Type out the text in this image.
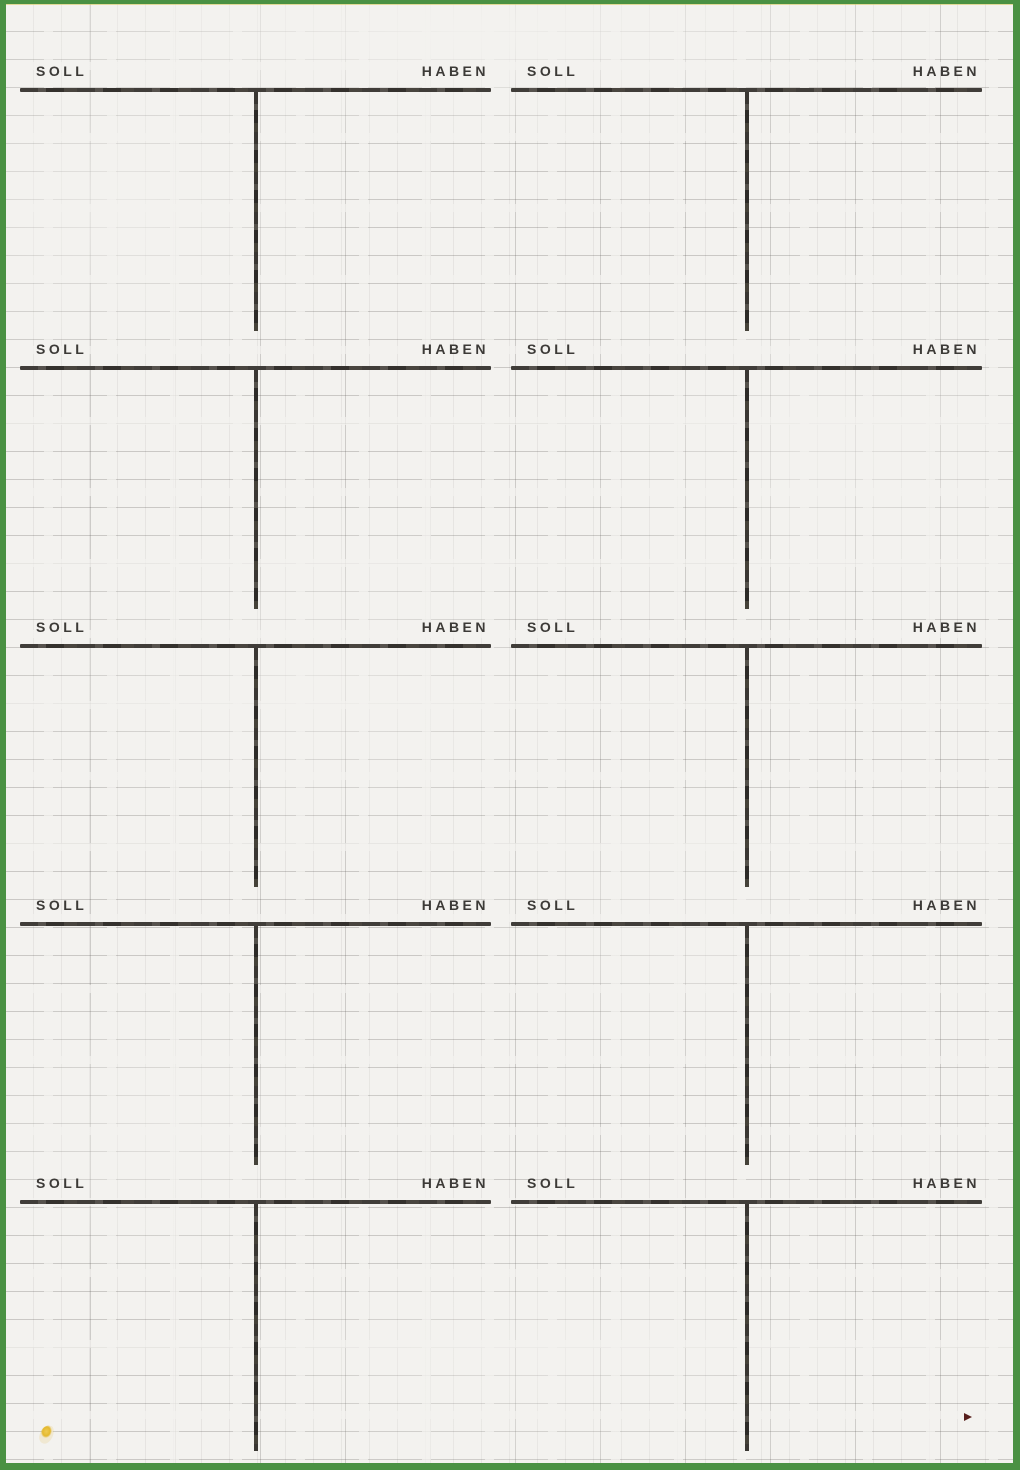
SOLL	HABEN	SOLL	HABEN
SOLL	HABEN	SOLL	HABEN
SOLL	HABEN	SOLL	HABEN
SOLL	HABEN	SOLL	HABEN
SOLL	HABEN	SOLL	HABEN
